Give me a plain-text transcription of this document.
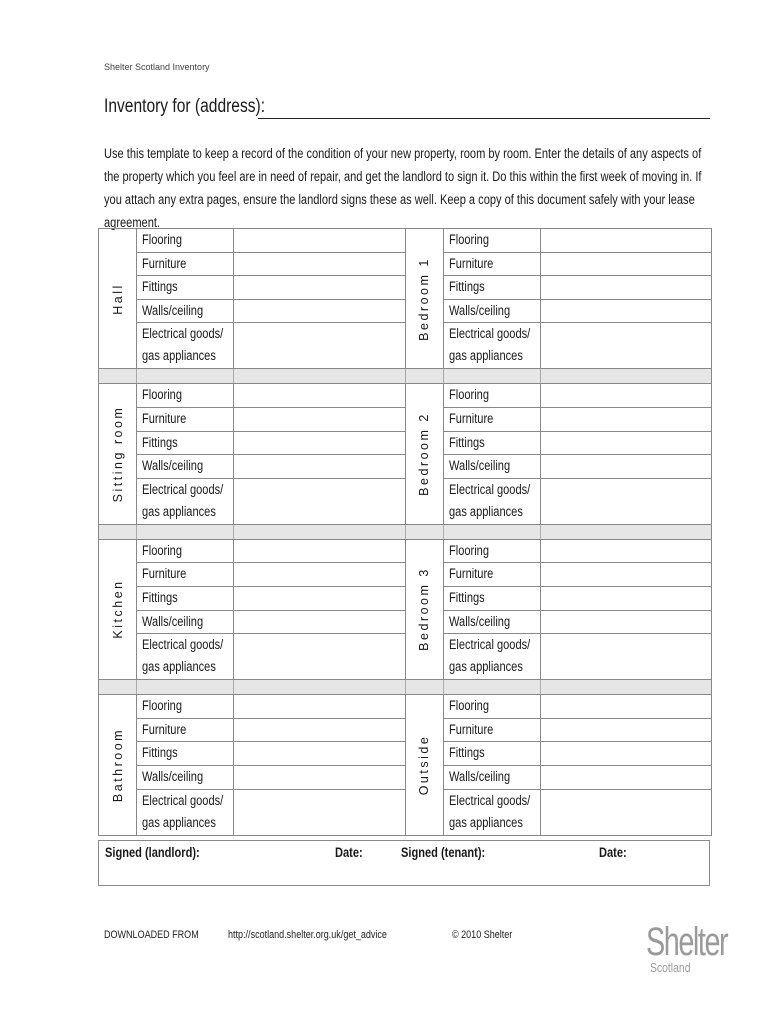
Shelter Scotland Inventory
Inventory for (address):
Use this template to keep a record of the condition of your new property, room by room. Enter the details of any aspects of the property which you feel are in need of repair, and get the landlord to sign it. Do this within the first week of moving in. If you attach any extra pages, ensure the landlord signs these as well. Keep a copy of this document safely with your lease agreement.
Hall
Flooring
Furniture
Fittings
Walls/ceiling
Electrical goods/
gas appliances
Bedroom 1
Flooring
Furniture
Fittings
Walls/ceiling
Electrical goods/
gas appliances
Sitting room
Flooring
Furniture
Fittings
Walls/ceiling
Electrical goods/
gas appliances
Bedroom 2
Flooring
Furniture
Fittings
Walls/ceiling
Electrical goods/
gas appliances
Kitchen
Flooring
Furniture
Fittings
Walls/ceiling
Electrical goods/
gas appliances
Bedroom 3
Flooring
Furniture
Fittings
Walls/ceiling
Electrical goods/
gas appliances
Bathroom
Flooring
Furniture
Fittings
Walls/ceiling
Electrical goods/
gas appliances
Outside
Flooring
Furniture
Fittings
Walls/ceiling
Electrical goods/
gas appliances
Signed (landlord):	Date:	Signed (tenant):	Date:
DOWNLOADED FROM	http://scotland.shelter.org.uk/get_advice	© 2010 Shelter	Shelter
Scotland
